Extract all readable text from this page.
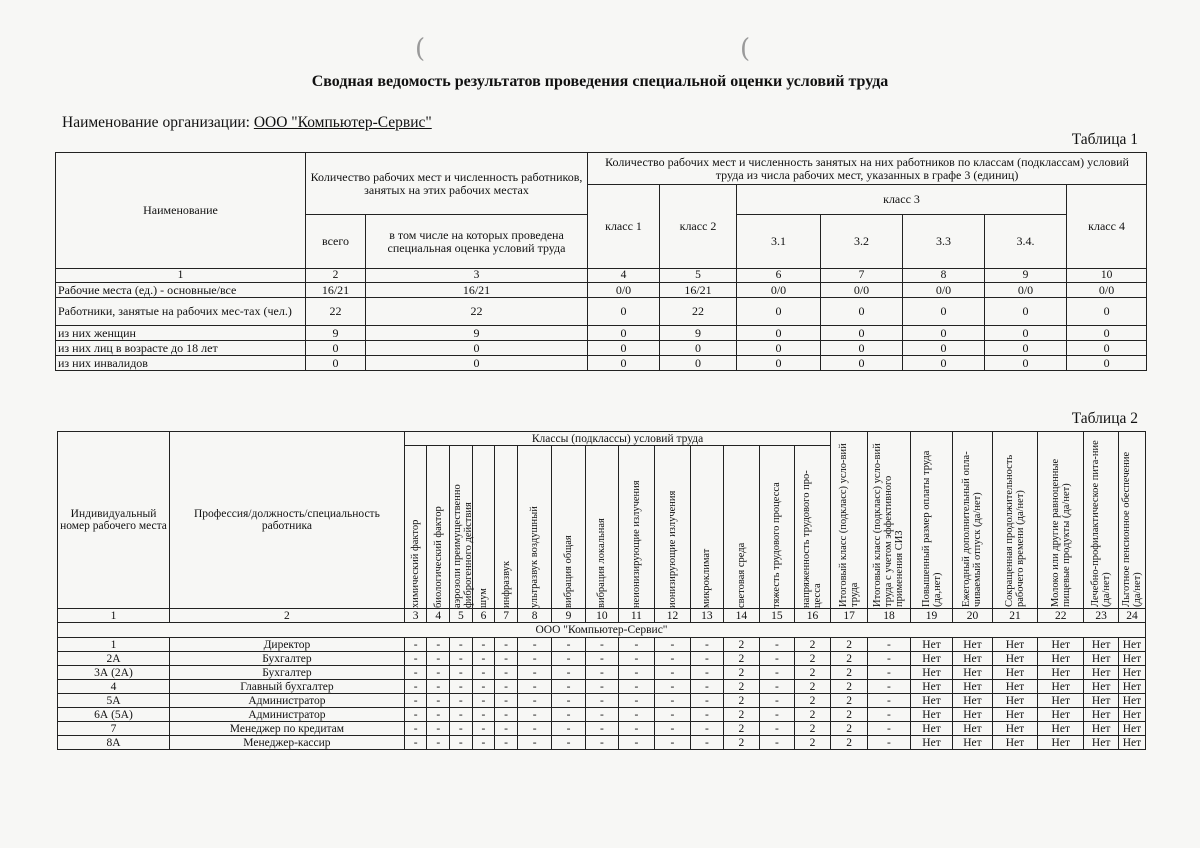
(	(
Сводная ведомость результатов проведения специальной оценки условий труда
Наименование организации: ООО "Компьютер-Сервис"
Таблица 1
Наименование	Количество рабочих мест и численность работников, занятых на этих рабочих местах		Количество рабочих мест и численность занятых на них работников по классам (подклассам) условий труда из числа рабочих мест, указанных в графе 3 (единиц)						
			класс 1	класс 2	класс 3				класс 4
	всего	в том числе на которых проведена специальная оценка условий труда			3.1	3.2	3.3	3.4.	
1	2	3	4	5	6	7	8	9	10
Рабочие места (ед.) - основные/все	16/21	16/21	0/0	16/21	0/0	0/0	0/0	0/0	0/0
Работники, занятые на рабочих мес-тах (чел.)	22	22	0	22	0	0	0	0	0
из них женщин	9	9	0	9	0	0	0	0	0
из них лиц в возрасте до 18 лет	0	0	0	0	0	0	0	0	0
из них инвалидов	0	0	0	0	0	0	0	0	0
Таблица 2
Индивидуальный номер рабочего места	Профессия/должность/специальность работника	Классы (подклассы) условий труда														Итоговый класс (подкласс) усло-вий труда	Итоговый класс (подкласс) усло-вий труда с учетом эффективного применения СИЗ	Повышенный размер оплаты труда (да,нет)	Ежегодный дополнительный опла-чиваемый отпуск (да/нет)	Сокращенная продолжительность рабочего времени (да/нет)	Молоко или другие равноценные пищевые продукты (да/нет)	Лечебно-профилактическое пита-ние (да/нет)	Льготное пенсионное обеспечение (да/нет)

		химический фактор	биологический фактор	аэрозоли преимущественно фиброгенного действия	шум	инфразвук	ультразвук воздушный	вибрация общая	вибрация локальная	неионизирующие излучения	ионизирующие излучения	микроклимат	световая среда	тяжесть трудового процесса	напряженность трудового про-цесса								

1	2	3	4	5	6	7	8	9	10	11	12	13	14	15	16	17	18	19	20	21	22	23	24
ООО "Компьютер-Сервис"																							
1	Директор	-	-	-	-	-	-	-	-	-	-	-	2	-	2	2	-	Нет	Нет	Нет	Нет	Нет	Нет
2А	Бухгалтер	-	-	-	-	-	-	-	-	-	-	-	2	-	2	2	-	Нет	Нет	Нет	Нет	Нет	Нет
3А (2А)	Бухгалтер	-	-	-	-	-	-	-	-	-	-	-	2	-	2	2	-	Нет	Нет	Нет	Нет	Нет	Нет
4	Главный бухгалтер	-	-	-	-	-	-	-	-	-	-	-	2	-	2	2	-	Нет	Нет	Нет	Нет	Нет	Нет
5А	Администратор	-	-	-	-	-	-	-	-	-	-	-	2	-	2	2	-	Нет	Нет	Нет	Нет	Нет	Нет
6А (5А)	Администратор	-	-	-	-	-	-	-	-	-	-	-	2	-	2	2	-	Нет	Нет	Нет	Нет	Нет	Нет
7	Менеджер по кредитам	-	-	-	-	-	-	-	-	-	-	-	2	-	2	2	-	Нет	Нет	Нет	Нет	Нет	Нет
8А	Менеджер-кассир	-	-	-	-	-	-	-	-	-	-	-	2	-	2	2	-	Нет	Нет	Нет	Нет	Нет	Нет
